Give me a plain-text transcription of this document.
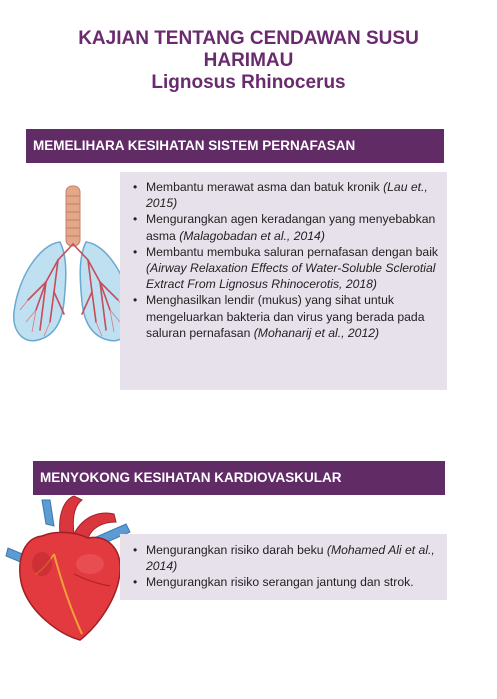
KAJIAN TENTANG CENDAWAN SUSU HARIMAU
Lignosus Rhinocerus
MEMELIHARA KESIHATAN SISTEM PERNAFASAN
• Membantu merawat asma dan batuk kronik (Lau et., 2015)
• Mengurangkan agen keradangan yang menyebabkan asma (Malagobadan et al., 2014)
• Membantu membuka saluran pernafasan dengan baik (Airway Relaxation Effects of Water-Soluble Sclerotial Extract From Lignosus Rhinocerotis, 2018)
• Menghasilkan lendir (mukus) yang sihat untuk mengeluarkan bakteria dan virus yang berada pada saluran pernafasan (Mohanarij et al., 2012)
MENYOKONG KESIHATAN KARDIOVASKULAR
• Mengurangkan risiko darah beku (Mohamed Ali et al., 2014)
• Mengurangkan risiko serangan jantung dan strok.
